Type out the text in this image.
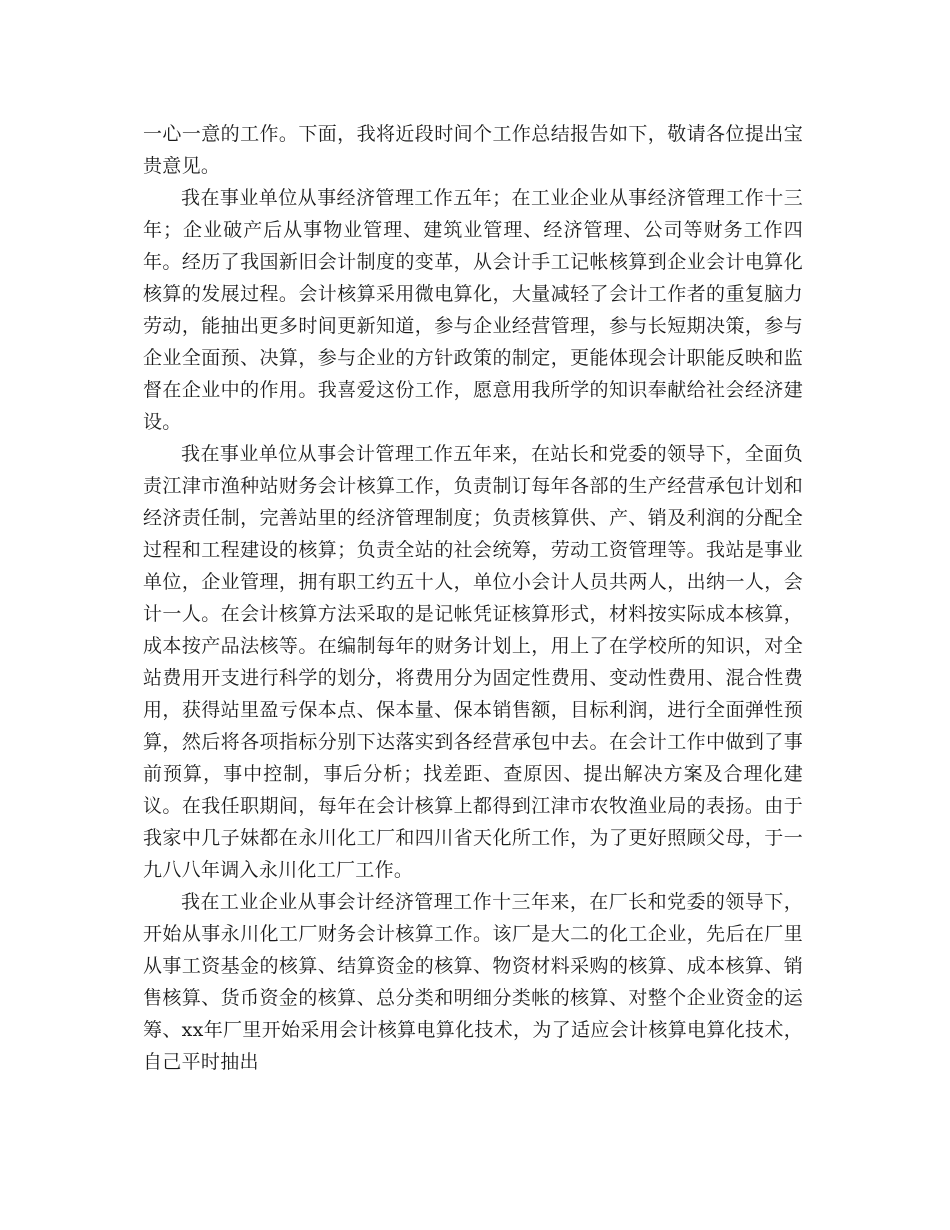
一心一意的工作。下面，我将近段时间个工作总结报告如下，敬请各位提出宝贵意见。

我在事业单位从事经济管理工作五年；在工业企业从事经济管理工作十三年；企业破产后从事物业管理、建筑业管理、经济管理、公司等财务工作四年。经历了我国新旧会计制度的变革，从会计手工记帐核算到企业会计电算化核算的发展过程。会计核算采用微电算化，大量减轻了会计工作者的重复脑力劳动，能抽出更多时间更新知道，参与企业经营管理，参与长短期决策，参与企业全面预、决算，参与企业的方针政策的制定，更能体现会计职能反映和监督在企业中的作用。我喜爱这份工作，愿意用我所学的知识奉献给社会经济建设。

我在事业单位从事会计管理工作五年来，在站长和党委的领导下，全面负责江津市渔种站财务会计核算工作，负责制订每年各部的生产经营承包计划和经济责任制，完善站里的经济管理制度；负责核算供、产、销及利润的分配全过程和工程建设的核算；负责全站的社会统筹，劳动工资管理等。我站是事业单位，企业管理，拥有职工约五十人，单位小会计人员共两人，出纳一人，会计一人。在会计核算方法采取的是记帐凭证核算形式，材料按实际成本核算，成本按产品法核等。在编制每年的财务计划上，用上了在学校所的知识，对全站费用开支进行科学的划分，将费用分为固定性费用、变动性费用、混合性费用，获得站里盈亏保本点、保本量、保本销售额，目标利润，进行全面弹性预算，然后将各项指标分别下达落实到各经营承包中去。在会计工作中做到了事前预算，事中控制，事后分析；找差距、查原因、提出解决方案及合理化建议。在我任职期间，每年在会计核算上都得到江津市农牧渔业局的表扬。由于我家中几子妹都在永川化工厂和四川省天化所工作，为了更好照顾父母，于一九八八年调入永川化工厂工作。

我在工业企业从事会计经济管理工作十三年来，在厂长和党委的领导下，开始从事永川化工厂财务会计核算工作。该厂是大二的化工企业，先后在厂里从事工资基金的核算、结算资金的核算、物资材料采购的核算、成本核算、销售核算、货币资金的核算、总分类和明细分类帐的核算、对整个企业资金的运筹、xx年厂里开始采用会计核算电算化技术，为了适应会计核算电算化技术，自己平时抽出
